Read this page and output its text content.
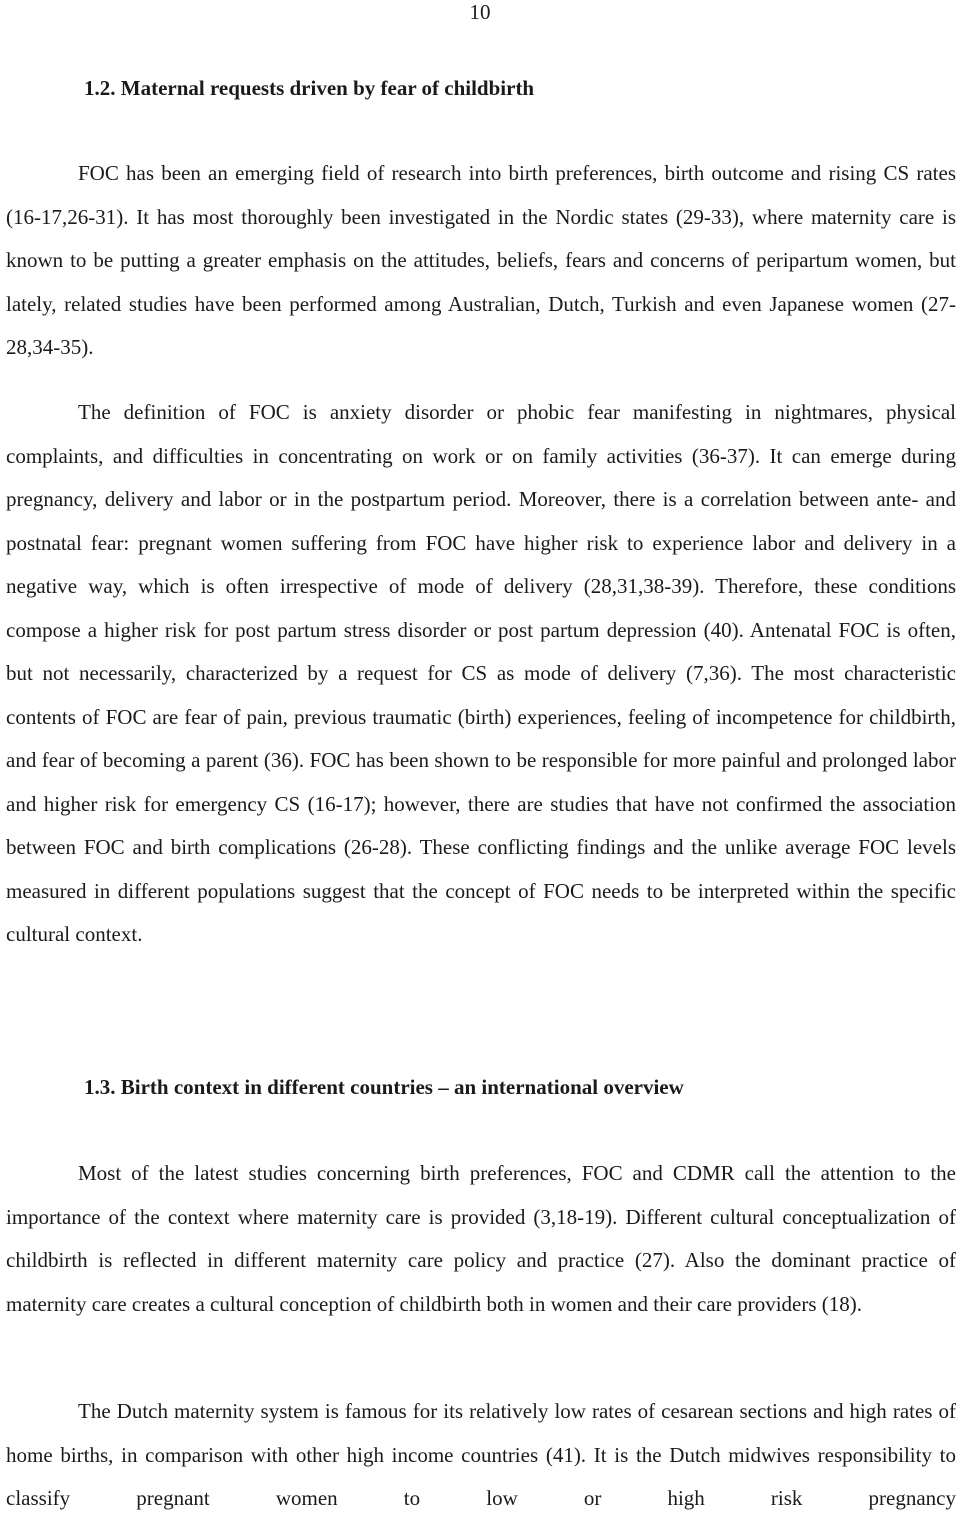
10
1.2. Maternal requests driven by fear of childbirth
FOC has been an emerging field of research into birth preferences, birth outcome and rising CS rates (16-17,26-31). It has most thoroughly been investigated in the Nordic states (29-33), where maternity care is known to be putting a greater emphasis on the attitudes, beliefs, fears and concerns of peripartum women, but lately, related studies have been performed among Australian, Dutch, Turkish and even Japanese women (27-28,34-35).
The definition of FOC is anxiety disorder or phobic fear manifesting in nightmares, physical complaints, and difficulties in concentrating on work or on family activities (36-37). It can emerge during pregnancy, delivery and labor or in the postpartum period. Moreover, there is a correlation between ante- and postnatal fear: pregnant women suffering from FOC have higher risk to experience labor and delivery in a negative way, which is often irrespective of mode of delivery (28,31,38-39). Therefore, these conditions compose a higher risk for post partum stress disorder or post partum depression (40). Antenatal FOC is often, but not necessarily, characterized by a request for CS as mode of delivery (7,36). The most characteristic contents of FOC are fear of pain, previous traumatic (birth) experiences, feeling of incompetence for childbirth, and fear of becoming a parent (36). FOC has been shown to be responsible for more painful and prolonged labor and higher risk for emergency CS (16-17); however, there are studies that have not confirmed the association between FOC and birth complications (26-28). These conflicting findings and the unlike average FOC levels measured in different populations suggest that the concept of FOC needs to be interpreted within the specific cultural context.
1.3. Birth context in different countries – an international overview
Most of the latest studies concerning birth preferences, FOC and CDMR call the attention to the importance of the context where maternity care is provided (3,18-19). Different cultural conceptualization of childbirth is reflected in different maternity care policy and practice (27). Also the dominant practice of maternity care creates a cultural conception of childbirth both in women and their care providers (18).
The Dutch maternity system is famous for its relatively low rates of cesarean sections and high rates of home births, in comparison with other high income countries (41). It is the Dutch midwives responsibility to classify pregnant women to low or high risk pregnancy
